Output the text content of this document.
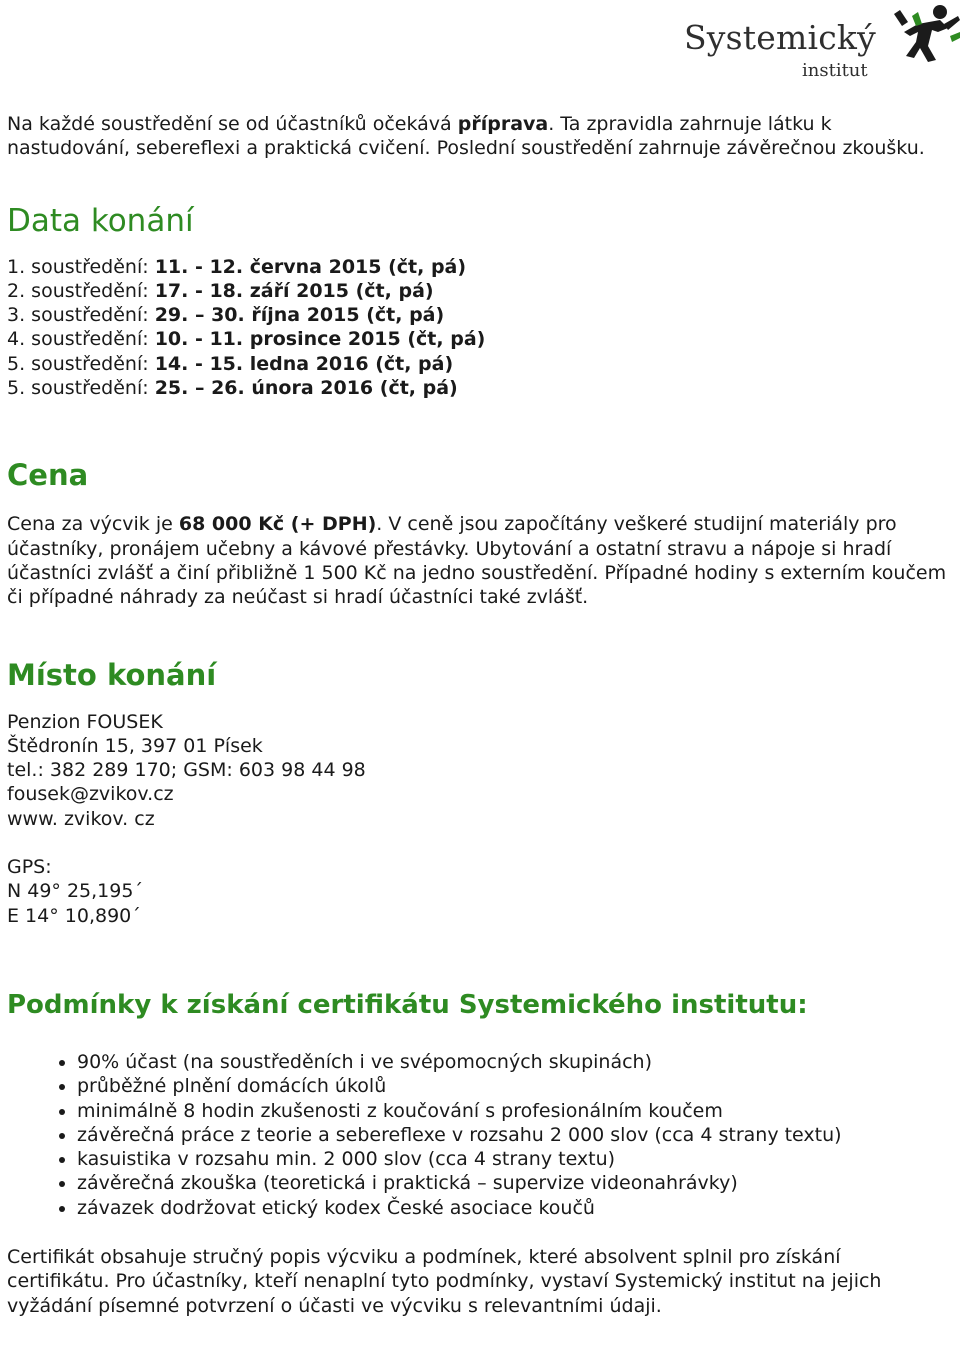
Systemický
institut

Na každé soustředění se od účastníků očekává příprava. Ta zpravidla zahrnuje látku k nastudování, sebereflexi a praktická cvičení. Poslední soustředění zahrnuje závěrečnou zkoušku.

Data konání
1. soustředění: 11. - 12. června 2015 (čt, pá)
2. soustředění: 17. - 18. září 2015 (čt, pá)
3. soustředění: 29. – 30. října 2015 (čt, pá)
4. soustředění: 10. - 11. prosince 2015 (čt, pá)
5. soustředění: 14. - 15. ledna 2016 (čt, pá)
5. soustředění: 25. – 26. února 2016 (čt, pá)
Cena

Cena za výcvik je 68 000 Kč (+ DPH). V ceně jsou započítány veškeré studijní materiály pro účastníky, pronájem učebny a kávové přestávky. Ubytování a ostatní stravu a nápoje si hradí účastníci zvlášť a činí přibližně 1 500 Kč na jedno soustředění. Případné hodiny s externím koučem či případné náhrady za neúčast si hradí účastníci také zvlášť.

Místo konání

Penzion FOUSEK

Štědronín 15, 397 01 Písek

tel.: 382 289 170; GSM: 603 98 44 98

fousek@zvikov.cz

www. zvikov. cz

GPS:

N 49° 25,195´

E 14° 10,890´

Podmínky k získání certifikátu Systemického institutu:
• 90% účast (na soustředěních i ve svépomocných skupinách)
• průběžné plnění domácích úkolů
• minimálně 8 hodin zkušenosti z koučování s profesionálním koučem
• závěrečná práce z teorie a sebereflexe v rozsahu 2 000 slov (cca 4 strany textu)
• kasuistika v rozsahu min. 2 000 slov (cca 4 strany textu)
• závěrečná zkouška (teoretická i praktická – supervize videonahrávky)
• závazek dodržovat etický kodex České asociace koučů

Certifikát obsahuje stručný popis výcviku a podmínek, které absolvent splnil pro získání certifikátu. Pro účastníky, kteří nenaplní tyto podmínky, vystaví Systemický institut na jejich vyžádání písemné potvrzení o účasti ve výcviku s relevantními údaji.
